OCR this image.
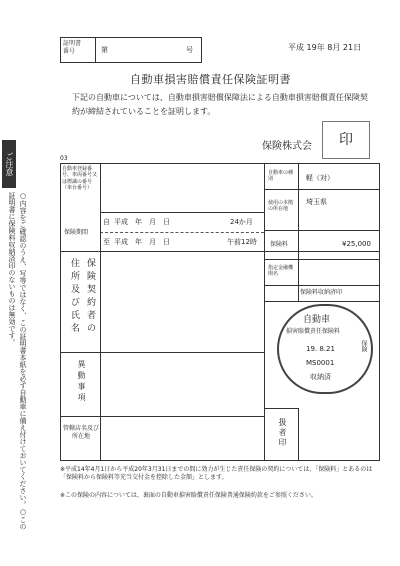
証明書
番号	第	号	平成 19年 8月 21日
自動車損害賠償責任保険証明書
下記の自動車については、自動車損害賠償保障法による自動車損害賠償責任保険契約が締結されていることを証明します。
保険株式会	印
ご注意
○内容をご確認のうえ、写等ではなく、この証明書本紙を必ず自動車に備え付けておいてください。○この証明書に保険料収納済印のないものは無効です。
03
自動車登録番号、車両番号又は標識の番号（車台番号）
自動車の種別	軽（対）
使用の本拠の所在地
埼玉県
保険期間
自 平成　年　月　日	24か月
至 平成　年　月　日	午前12時 保険料	¥25,000
保険契約者の住所及び氏名	指定金融機関名
保険料収納済印
自動車
損害賠償責任保険料
19. 8.21
MS0001
収納済
保険
異動事項
管轄店名及び所在地	扱者印
※平成14年4月1日から平成20年3月31日までの間に効力が生じた責任保険の契約については、「保険料」とあるのは「保険料から保険料等充当交付金を控除した金額」とします。
※この保険の内容については、裏面の自動車損害賠償責任保険普通保険約款をご参照ください。
